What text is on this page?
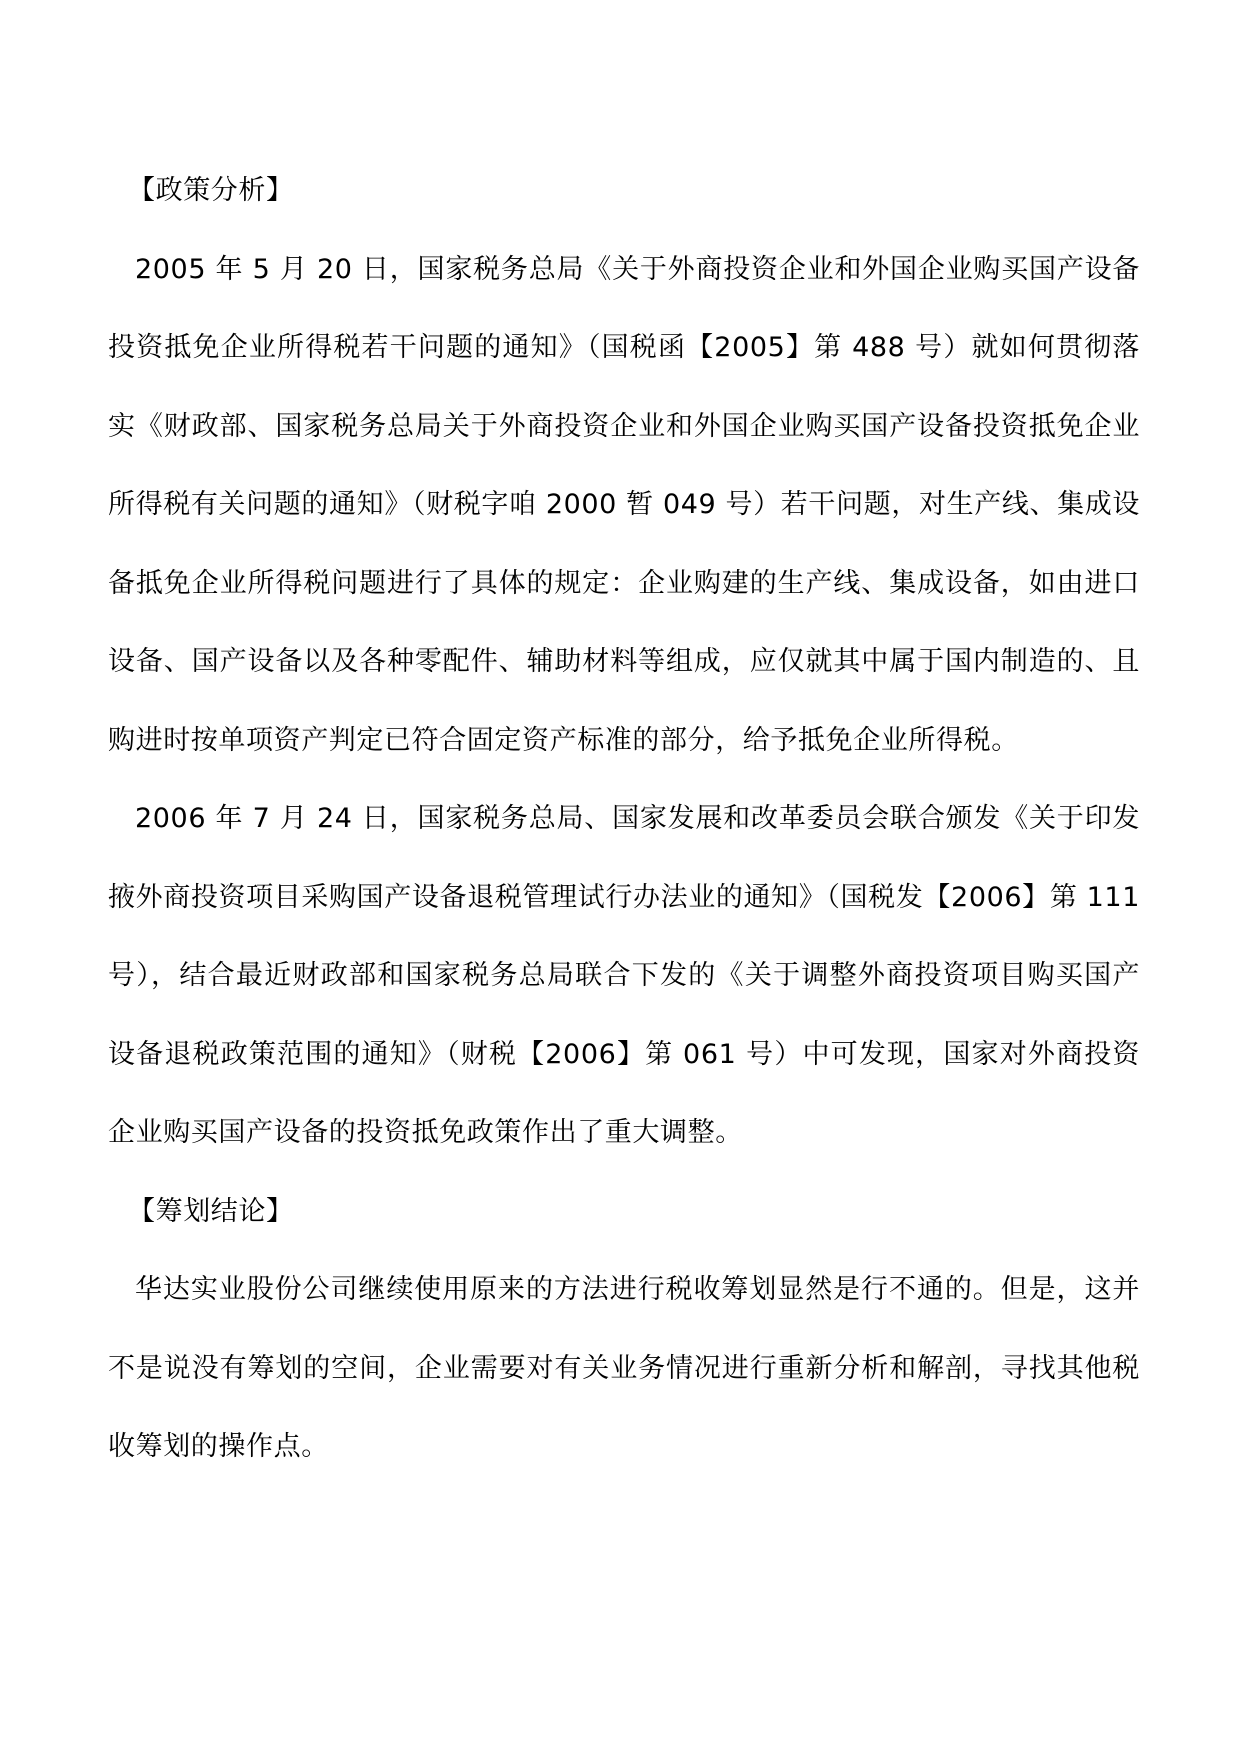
【政策分析】

2005 年 5 月 20 日，国家税务总局《关于外商投资企业和外国企业购买国产设备投资抵免企业所得税若干问题的通知》（国税函【2005】第 488 号）就如何贯彻落实《财政部、国家税务总局关于外商投资企业和外国企业购买国产设备投资抵免企业所得税有关问题的通知》（财税字咱 2000 暂 049 号）若干问题，对生产线、集成设备抵免企业所得税问题进行了具体的规定：企业购建的生产线、集成设备，如由进口设备、国产设备以及各种零配件、辅助材料等组成，应仅就其中属于国内制造的、且购进时按单项资产判定已符合固定资产标准的部分，给予抵免企业所得税。

2006 年 7 月 24 日，国家税务总局、国家发展和改革委员会联合颁发《关于印发掖外商投资项目采购国产设备退税管理试行办法业的通知》（国税发【2006】第 111 号），结合最近财政部和国家税务总局联合下发的《关于调整外商投资项目购买国产设备退税政策范围的通知》（财税【2006】第 061 号）中可发现，国家对外商投资企业购买国产设备的投资抵免政策作出了重大调整。

【筹划结论】

华达实业股份公司继续使用原来的方法进行税收筹划显然是行不通的。但是，这并不是说没有筹划的空间，企业需要对有关业务情况进行重新分析和解剖，寻找其他税收筹划的操作点。
